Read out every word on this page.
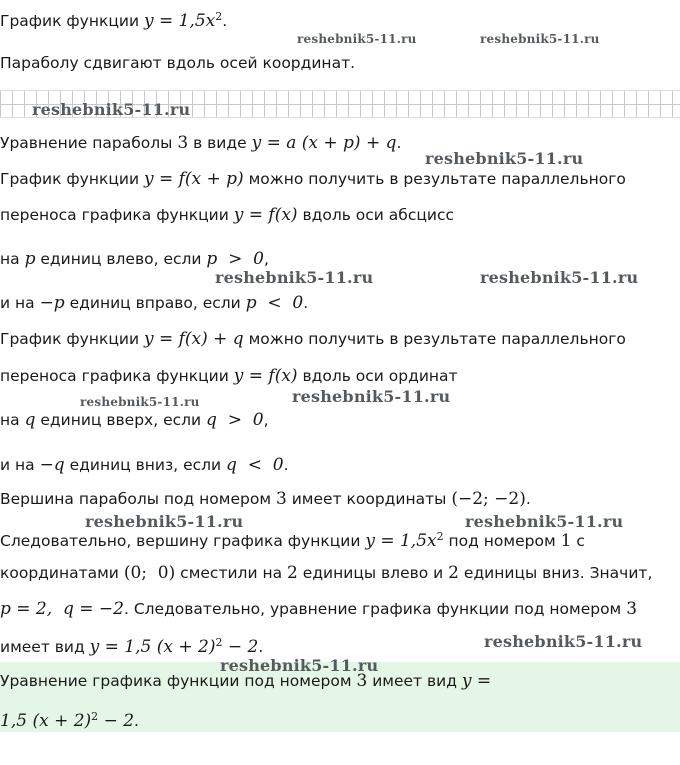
График функции $y = 1,5x^2$.
Параболу сдвигают вдоль осей координат.
Уравнение параболы 3 в виде y = a (x + p) + q.
График функции y = f(x + p) можно получить в результате параллельного
переноса графика функции y = f(x) вдоль оси абсцисс
на p единиц влево, если p  >  0,
и на −p единиц вправо, если p  <  0.
График функции y = f(x) + q можно получить в результате параллельного
переноса графика функции y = f(x) вдоль оси ординат
на q единиц вверх, если q  >  0,
и на −q единиц вниз, если q  <  0.
Вершина параболы под номером 3 имеет координаты (−2; −2).
Следовательно, вершину графика функции $y = 1,5x^2$ под номером 1 с
координатами (0;  0) сместили на 2 единицы влево и 2 единицы вниз. Значит,
p = 2,  q = −2. Следовательно, уравнение графика функции под номером 3
имеет вид y = 1,5 $(x + 2)^2 - 2$.
Уравнение графика функции под номером 3 имеет вид y =
1,5 $(x + 2)^2 - 2$.
reshebnik5-11.ru	reshebnik5-11.ru
reshebnik5-11.ru
reshebnik5-11.ru
reshebnik5-11.ru	reshebnik5-11.ru
reshebnik5-11.ru	reshebnik5-11.ru
reshebnik5-11.ru	reshebnik5-11.ru
reshebnik5-11.ru
reshebnik5-11.ru
